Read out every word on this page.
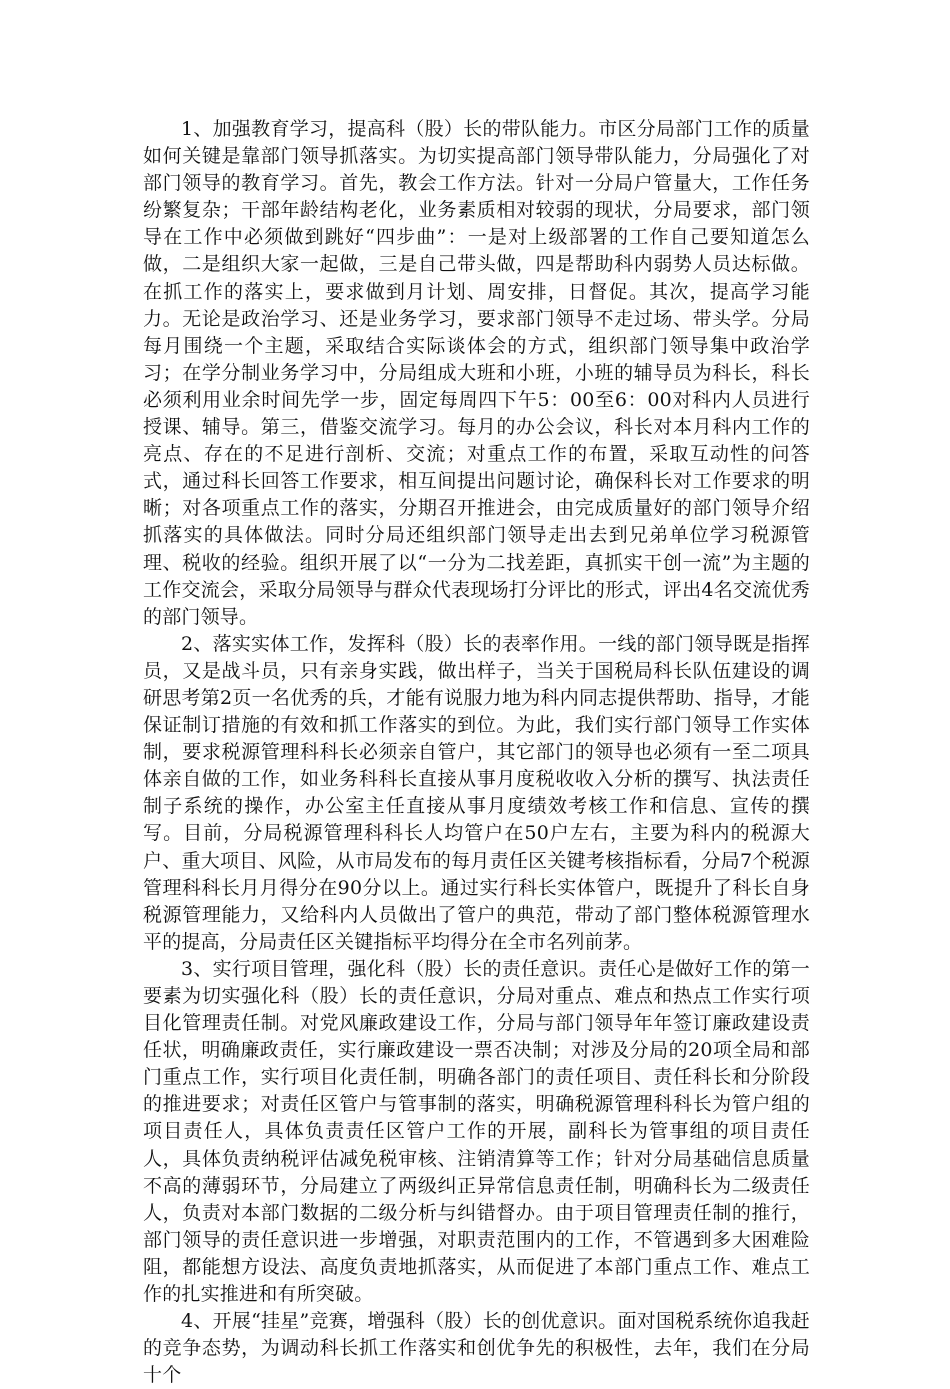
1、加强教育学习，提高科（股）长的带队能力。市区分局部门工作的质量如何关键是靠部门领导抓落实。为切实提高部门领导带队能力，分局强化了对部门领导的教育学习。首先，教会工作方法。针对一分局户管量大，工作任务纷繁复杂；干部年龄结构老化，业务素质相对较弱的现状，分局要求，部门领导在工作中必须做到跳好“四步曲”：一是对上级部署的工作自己要知道怎么做，二是组织大家一起做，三是自己带头做，四是帮助科内弱势人员达标做。在抓工作的落实上，要求做到月计划、周安排，日督促。其次，提高学习能力。无论是政治学习、还是业务学习，要求部门领导不走过场、带头学。分局每月围绕一个主题，采取结合实际谈体会的方式，组织部门领导集中政治学习；在学分制业务学习中，分局组成大班和小班，小班的辅导员为科长，科长必须利用业余时间先学一步，固定每周四下午5：00至6：00对科内人员进行授课、辅导。第三，借鉴交流学习。每月的办公会议，科长对本月科内工作的亮点、存在的不足进行剖析、交流；对重点工作的布置，采取互动性的问答式，通过科长回答工作要求，相互间提出问题讨论，确保科长对工作要求的明晰；对各项重点工作的落实，分期召开推进会，由完成质量好的部门领导介绍抓落实的具体做法。同时分局还组织部门领导走出去到兄弟单位学习税源管理、税收的经验。组织开展了以“一分为二找差距，真抓实干创一流”为主题的工作交流会，采取分局领导与群众代表现场打分评比的形式，评出4名交流优秀的部门领导。

2、落实实体工作，发挥科（股）长的表率作用。一线的部门领导既是指挥员，又是战斗员，只有亲身实践，做出样子，当关于国税局科长队伍建设的调研思考第2页一名优秀的兵，才能有说服力地为科内同志提供帮助、指导，才能保证制订措施的有效和抓工作落实的到位。为此，我们实行部门领导工作实体制，要求税源管理科科长必须亲自管户，其它部门的领导也必须有一至二项具体亲自做的工作，如业务科科长直接从事月度税收收入分析的撰写、执法责任制子系统的操作，办公室主任直接从事月度绩效考核工作和信息、宣传的撰写。目前，分局税源管理科科长人均管户在50户左右，主要为科内的税源大户、重大项目、风险，从市局发布的每月责任区关键考核指标看，分局7个税源管理科科长月月得分在90分以上。通过实行科长实体管户，既提升了科长自身税源管理能力，又给科内人员做出了管户的典范，带动了部门整体税源管理水平的提高，分局责任区关键指标平均得分在全市名列前茅。

3、实行项目管理，强化科（股）长的责任意识。责任心是做好工作的第一要素为切实强化科（股）长的责任意识，分局对重点、难点和热点工作实行项目化管理责任制。对党风廉政建设工作，分局与部门领导年年签订廉政建设责任状，明确廉政责任，实行廉政建设一票否决制；对涉及分局的20项全局和部门重点工作，实行项目化责任制，明确各部门的责任项目、责任科长和分阶段的推进要求；对责任区管户与管事制的落实，明确税源管理科科长为管户组的项目责任人，具体负责责任区管户工作的开展，副科长为管事组的项目责任人，具体负责纳税评估减免税审核、注销清算等工作；针对分局基础信息质量不高的薄弱环节，分局建立了两级纠正异常信息责任制，明确科长为二级责任人，负责对本部门数据的二级分析与纠错督办。由于项目管理责任制的推行，部门领导的责任意识进一步增强，对职责范围内的工作，不管遇到多大困难险阻，都能想方设法、高度负责地抓落实，从而促进了本部门重点工作、难点工作的扎实推进和有所突破。

4、开展“挂星”竞赛，增强科（股）长的创优意识。面对国税系统你追我赶的竞争态势，为调动科长抓工作落实和创优争先的积极性，去年，我们在分局十个
